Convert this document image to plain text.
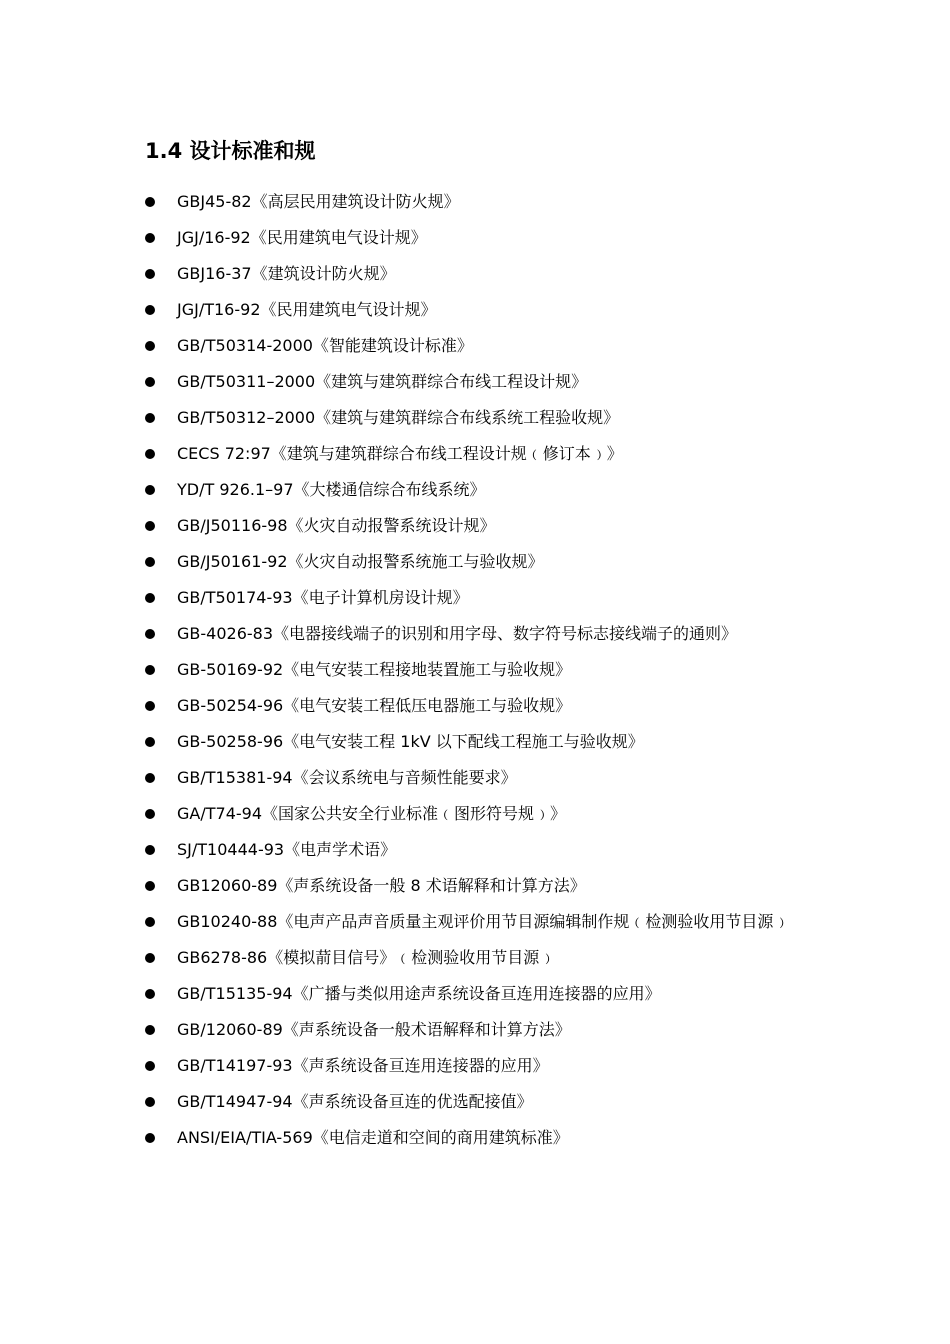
1.4 设计标准和规
GBJ45-82《高层民用建筑设计防火规》
JGJ/16-92《民用建筑电气设计规》
GBJ16-37《建筑设计防火规》
JGJ/T16-92《民用建筑电气设计规》
GB/T50314-2000《智能建筑设计标准》
GB/T50311–2000《建筑与建筑群综合布线工程设计规》
GB/T50312–2000《建筑与建筑群综合布线系统工程验收规》
CECS 72:97《建筑与建筑群综合布线工程设计规﹙修订本﹚》
YD/T 926.1–97《大楼通信综合布线系统》
GB/J50116-98《火灾自动报警系统设计规》
GB/J50161-92《火灾自动报警系统施工与验收规》
GB/T50174-93《电子计算机房设计规》
GB-4026-83《电器接线端子的识别和用字母、数字符号标志接线端子的通则》
GB-50169-92《电气安装工程接地装置施工与验收规》
GB-50254-96《电气安装工程低压电器施工与验收规》
GB-50258-96《电气安装工程 1kV 以下配线工程施工与验收规》
GB/T15381-94《会议系统电与音频性能要求》
GA/T74-94《国家公共安全行业标准﹙图形符号规﹚》
SJ/T10444-93《电声学术语》
GB12060-89《声系统设备一般 8 术语解释和计算方法》
GB10240-88《电声产品声音质量主观评价用节目源编辑制作规﹙检测验收用节目源﹚
GB6278-86《模拟葥目信号》﹙检测验收用节目源﹚
GB/T15135-94《广播与类似用途声系统设备亘连用连接器的应用》
GB/12060-89《声系统设备一般术语解释和计算方法》
GB/T14197-93《声系统设备亘连用连接器的应用》
GB/T14947-94《声系统设备亘连的优选配接值》
ANSI/EIA/TIA-569《电信走道和空间的商用建筑标准》
